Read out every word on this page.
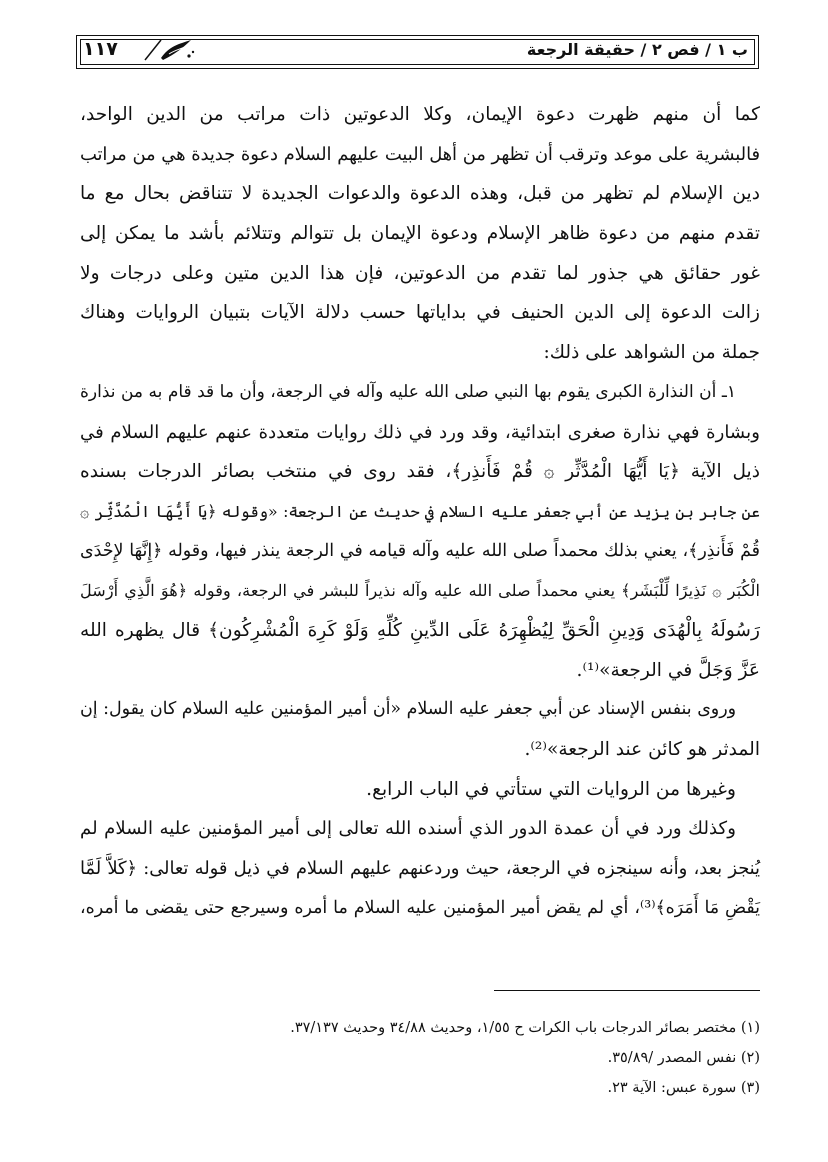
١١٧	ب ١ / فص ٢ / حقيقة الرجعة
كما أن منهم ظهرت دعوة الإيمان، وكلا الدعوتين ذات مراتب من الدين الواحد،
فالبشرية على موعد وترقب أن تظهر من أهل البيت عليهم السلام دعوة جديدة هي من مراتب
دين الإسلام لم تظهر من قبل، وهذه الدعوة والدعوات الجديدة لا تتناقض بحال مع ما
تقدم منهم من دعوة ظاهر الإسلام ودعوة الإيمان بل تتوالم وتتلائم بأشد ما يمكن إلى
غور حقائق هي جذور لما تقدم من الدعوتين، فإن هذا الدين متين وعلى درجات ولا
زالت الدعوة إلى الدين الحنيف في بداياتها حسب دلالة الآيات بتبيان الروايات وهناك
جملة من الشواهد على ذلك:
١ـ أن النذارة الكبرى يقوم بها النبي صلى الله عليه وآله في الرجعة، وأن ما قد قام به من نذارة
وبشارة فهي نذارة صغرى ابتدائية، وقد ورد في ذلك روايات متعددة عنهم عليهم السلام في
ذيل الآية ﴿يَا أَيُّهَا الْمُدَّثِّر ۞ قُمْ فَأَنذِر﴾، فقد روى في منتخب بصائر الدرجات بسنده
عن جابر بن يزيد عن أبي جعفر عليه السلام في حديث عن الرجعة: «وقوله ﴿يَا أَيُّهَا الْمُدَّثِّر ۞
قُمْ فَأَنذِر﴾، يعني بذلك محمداً صلى الله عليه وآله قيامه في الرجعة ينذر فيها، وقوله ﴿إِنَّهَا لإِحْدَى
الْكُبَر ۞ نَذِيرًا لِّلْبَشَر﴾ يعني محمداً صلى الله عليه وآله نذيراً للبشر في الرجعة، وقوله ﴿هُوَ الَّذِي أَرْسَلَ
رَسُولَهُ بِالْهُدَى وَدِينِ الْحَقِّ لِيُظْهِرَهُ عَلَى الدِّينِ كُلِّهِ وَلَوْ كَرِهَ الْمُشْرِكُون﴾ قال يظهره الله
عَزَّ وَجَلَّ في الرجعة»⁽¹⁾.
وروى بنفس الإسناد عن أبي جعفر عليه السلام «أن أمير المؤمنين عليه السلام كان يقول: إن
المدثر هو كائن عند الرجعة»⁽²⁾.
وغيرها من الروايات التي ستأتي في الباب الرابع.
وكذلك ورد في أن عمدة الدور الذي أسنده الله تعالى إلى أمير المؤمنين عليه السلام لم
يُنجز بعد، وأنه سينجزه في الرجعة، حيث وردعنهم عليهم السلام في ذيل قوله تعالى: ﴿كَلاَّ لَمَّا
يَقْضِ مَا أَمَرَه﴾⁽³⁾، أي لم يقض أمير المؤمنين عليه السلام ما أمره وسيرجع حتى يقضى ما أمره،
(١) مختصر بصائر الدرجات باب الكرات ح ١/٥٥، وحديث ٣٤/٨٨ وحديث ٣٧/١٣٧.
(٢) نفس المصدر /٣٥/٨٩.
(٣) سورة عبس: الآية ٢٣.
